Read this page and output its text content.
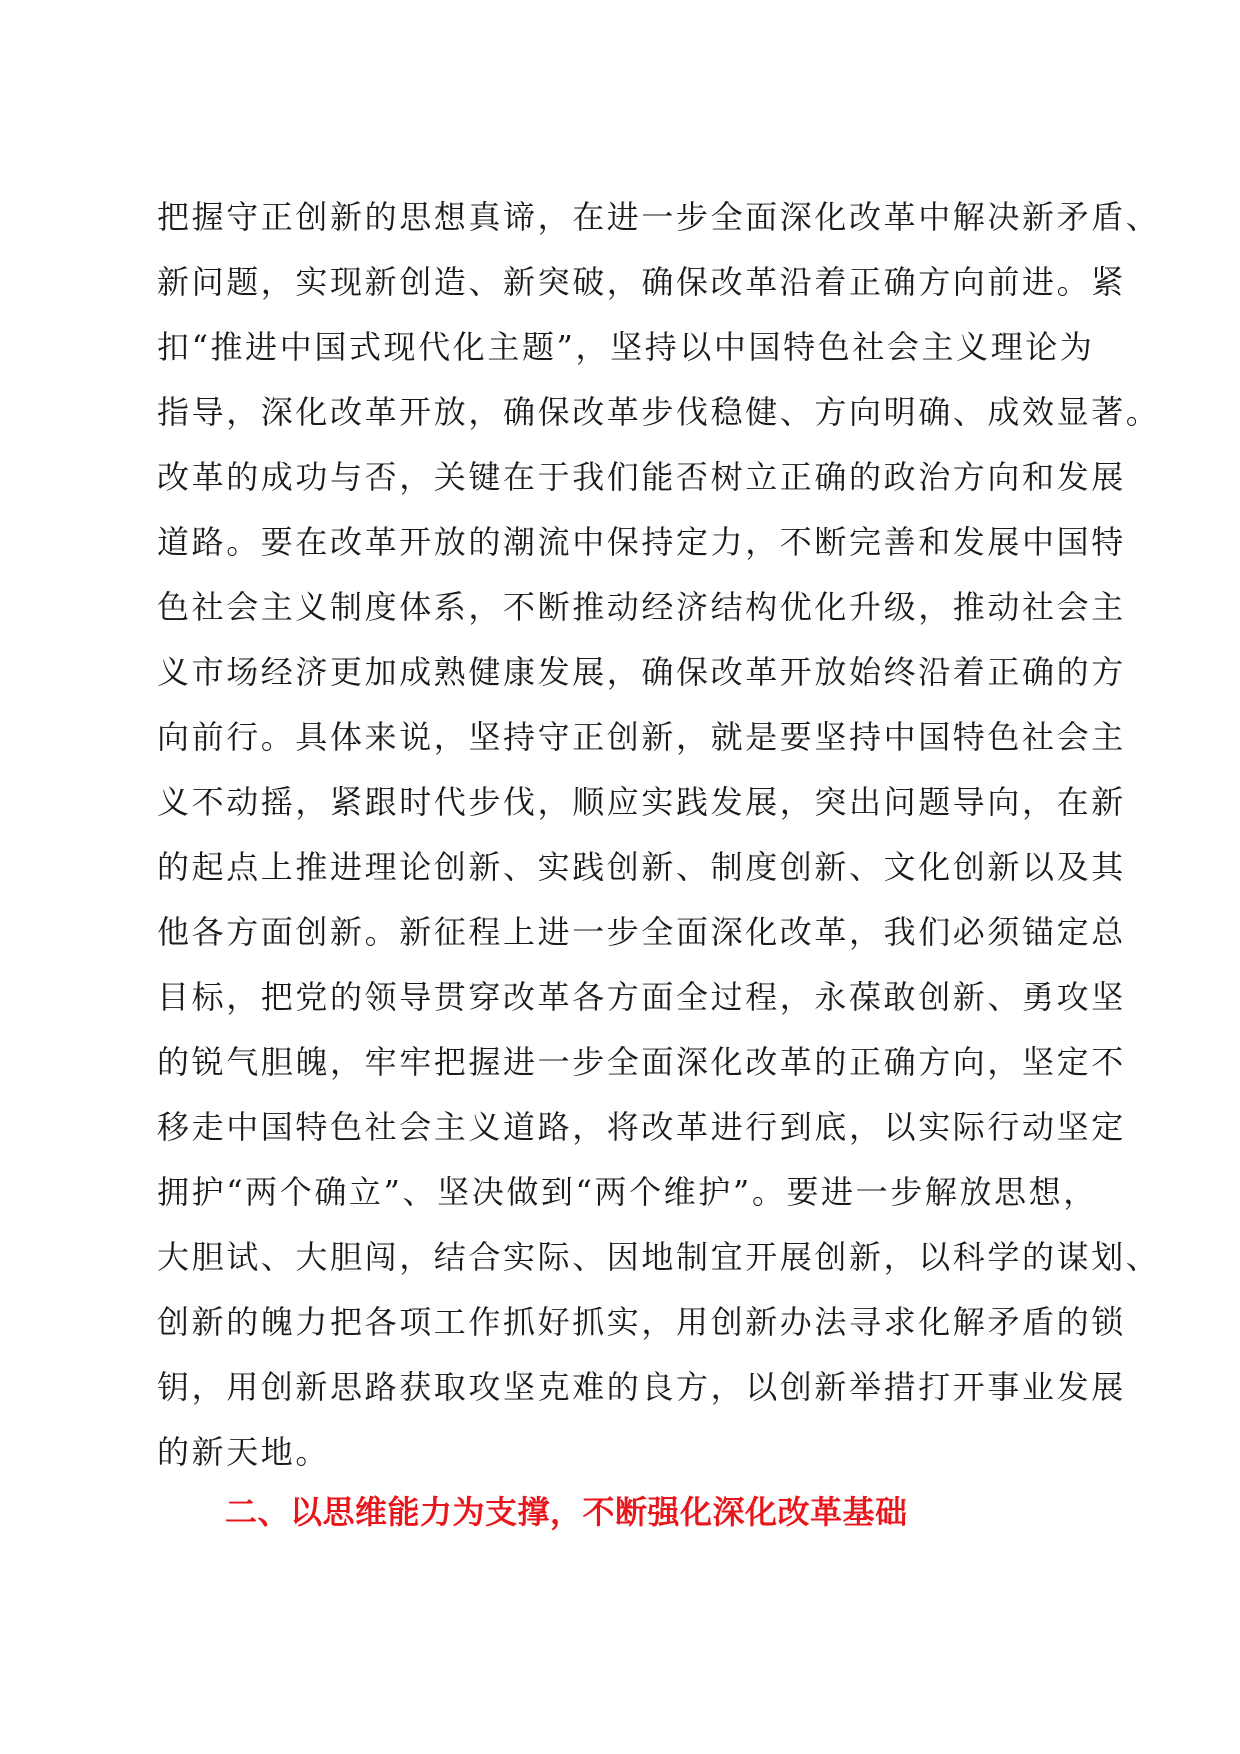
把握守正创新的思想真谛，在进一步全面深化改革中解决新矛盾、
新问题，实现新创造、新突破，确保改革沿着正确方向前进。紧
扣“推进中国式现代化主题”，坚持以中国特色社会主义理论为
指导，深化改革开放，确保改革步伐稳健、方向明确、成效显著。
改革的成功与否，关键在于我们能否树立正确的政治方向和发展
道路。要在改革开放的潮流中保持定力，不断完善和发展中国特
色社会主义制度体系，不断推动经济结构优化升级，推动社会主
义市场经济更加成熟健康发展，确保改革开放始终沿着正确的方
向前行。具体来说，坚持守正创新，就是要坚持中国特色社会主
义不动摇，紧跟时代步伐，顺应实践发展，突出问题导向，在新
的起点上推进理论创新、实践创新、制度创新、文化创新以及其
他各方面创新。新征程上进一步全面深化改革，我们必须锚定总
目标，把党的领导贯穿改革各方面全过程，永葆敢创新、勇攻坚
的锐气胆魄，牢牢把握进一步全面深化改革的正确方向，坚定不
移走中国特色社会主义道路，将改革进行到底，以实际行动坚定
拥护“两个确立”、坚决做到“两个维护”。要进一步解放思想，
大胆试、大胆闯，结合实际、因地制宜开展创新，以科学的谋划、
创新的魄力把各项工作抓好抓实，用创新办法寻求化解矛盾的锁
钥，用创新思路获取攻坚克难的良方，以创新举措打开事业发展
的新天地。
二、以思维能力为支撑，不断强化深化改革基础
